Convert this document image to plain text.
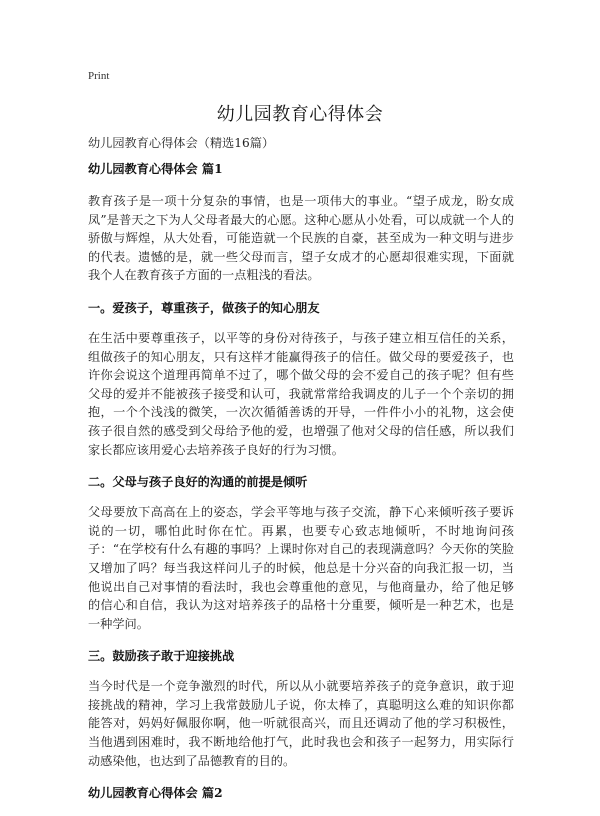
Print
幼儿园教育心得体会
幼儿园教育心得体会（精选16篇）
幼儿园教育心得体会 篇1

教育孩子是一项十分复杂的事情，也是一项伟大的事业。“望子成龙，盼女成凤”是普天之下为人父母者最大的心愿。这种心愿从小处看，可以成就一个人的骄傲与辉煌，从大处看，可能造就一个民族的自豪，甚至成为一种文明与进步的代表。遗憾的是，就一些父母而言，望子女成才的心愿却很难实现，下面就我个人在教育孩子方面的一点粗浅的看法。

一。爱孩子，尊重孩子，做孩子的知心朋友

在生活中要尊重孩子，以平等的身份对待孩子，与孩子建立相互信任的关系，组做孩子的知心朋友，只有这样才能赢得孩子的信任。做父母的要爱孩子，也许你会说这个道理再简单不过了，哪个做父母的会不爱自己的孩子呢？但有些父母的爱并不能被孩子接受和认可，我就常常给我调皮的儿子一个个亲切的拥抱，一个个浅浅的微笑，一次次循循善诱的开导，一件件小小的礼物，这会使孩子很自然的感受到父母给予他的爱，也增强了他对父母的信任感，所以我们家长都应该用爱心去培养孩子良好的行为习惯。

二。父母与孩子良好的沟通的前提是倾听

父母要放下高高在上的姿态，学会平等地与孩子交流，静下心来倾听孩子要诉说的一切，哪怕此时你在忙。再累，也要专心致志地倾听，不时地询问孩子：“在学校有什么有趣的事吗？上课时你对自己的表现满意吗？今天你的笑脸又增加了吗？每当我这样问儿子的时候，他总是十分兴奋的向我汇报一切，当他说出自己对事情的看法时，我也会尊重他的意见，与他商量办，给了他足够的信心和自信，我认为这对培养孩子的品格十分重要，倾听是一种艺术，也是一种学问。

三。鼓励孩子敢于迎接挑战

当今时代是一个竞争激烈的时代，所以从小就要培养孩子的竞争意识，敢于迎接挑战的精神，学习上我常鼓励儿子说，你太棒了，真聪明这么难的知识你都能答对，妈妈好佩服你啊，他一听就很高兴，而且还调动了他的学习积极性，当他遇到困难时，我不断地给他打气，此时我也会和孩子一起努力，用实际行动感染他，也达到了品德教育的目的。

幼儿园教育心得体会 篇2
